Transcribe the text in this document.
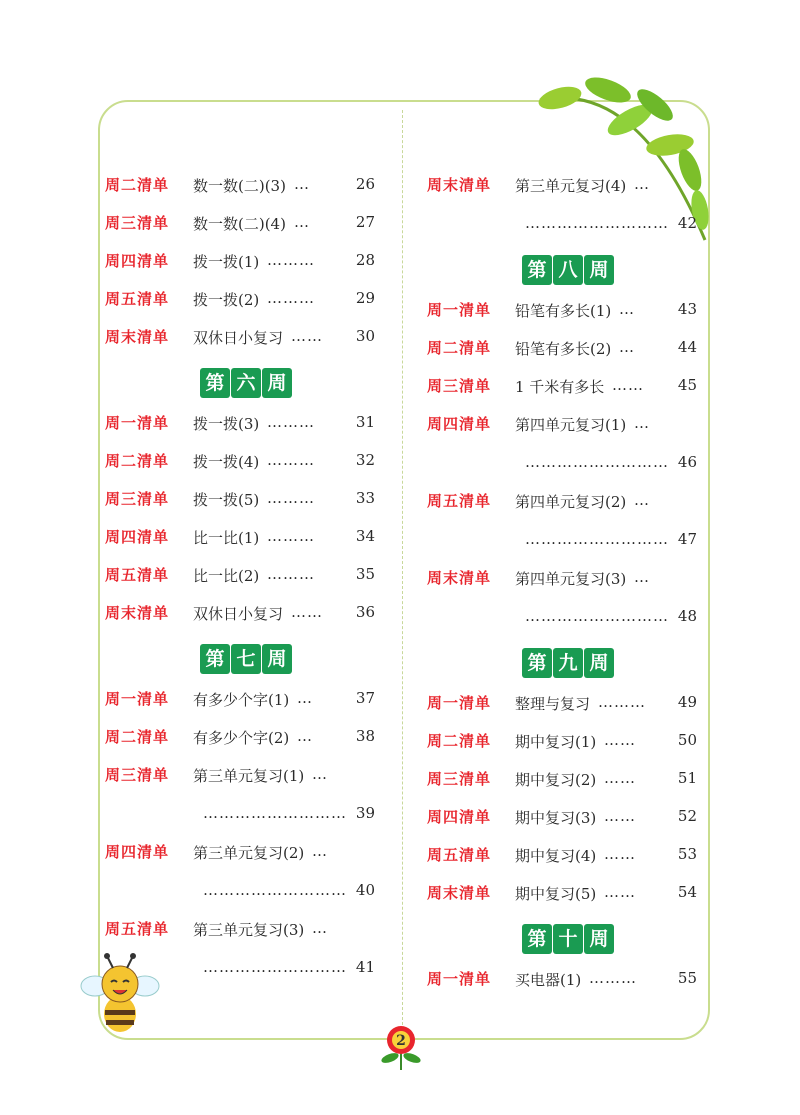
周二清单 数一数(二)(3) …	26
周三清单 数一数(二)(4) …	27
周四清单 拨一拨(1) ………	28
周五清单 拨一拨(2) ………	29
周末清单 双休日小复习 …… 30
第 六 周
周一清单 拨一拨(3) ………	31
周二清单 拨一拨(4) ………	32
周三清单 拨一拨(5) ………	33
周四清单 比一比(1) ………	34
周五清单 比一比(2) ………	35
周末清单 双休日小复习 …… 36
第 七 周
周一清单 有多少个字(1) …	37
周二清单 有多少个字(2) …	38
周三清单 第三单元复习(1) …
……………………… 39
周四清单 第三单元复习(2) …
……………………… 40
周五清单 第三单元复习(3) …
……………………… 41
周末清单 第三单元复习(4) …
……………………… 42
第 八 周
周一清单 铅笔有多长(1) …	43
周二清单 铅笔有多长(2) …	44
周三清单 1 千米有多长 …… 45
周四清单 第四单元复习(1) …
……………………… 46
周五清单 第四单元复习(2) …
……………………… 47
周末清单 第四单元复习(3) …
……………………… 48
第 九 周
周一清单 整理与复习 ……… 49
周二清单 期中复习(1) ……	50
周三清单 期中复习(2) ……	51
周四清单 期中复习(3) ……	52
周五清单 期中复习(4) ……	53
周末清单 期中复习(5) ……	54
第 十 周
周一清单 买电器(1) ………	55
2
